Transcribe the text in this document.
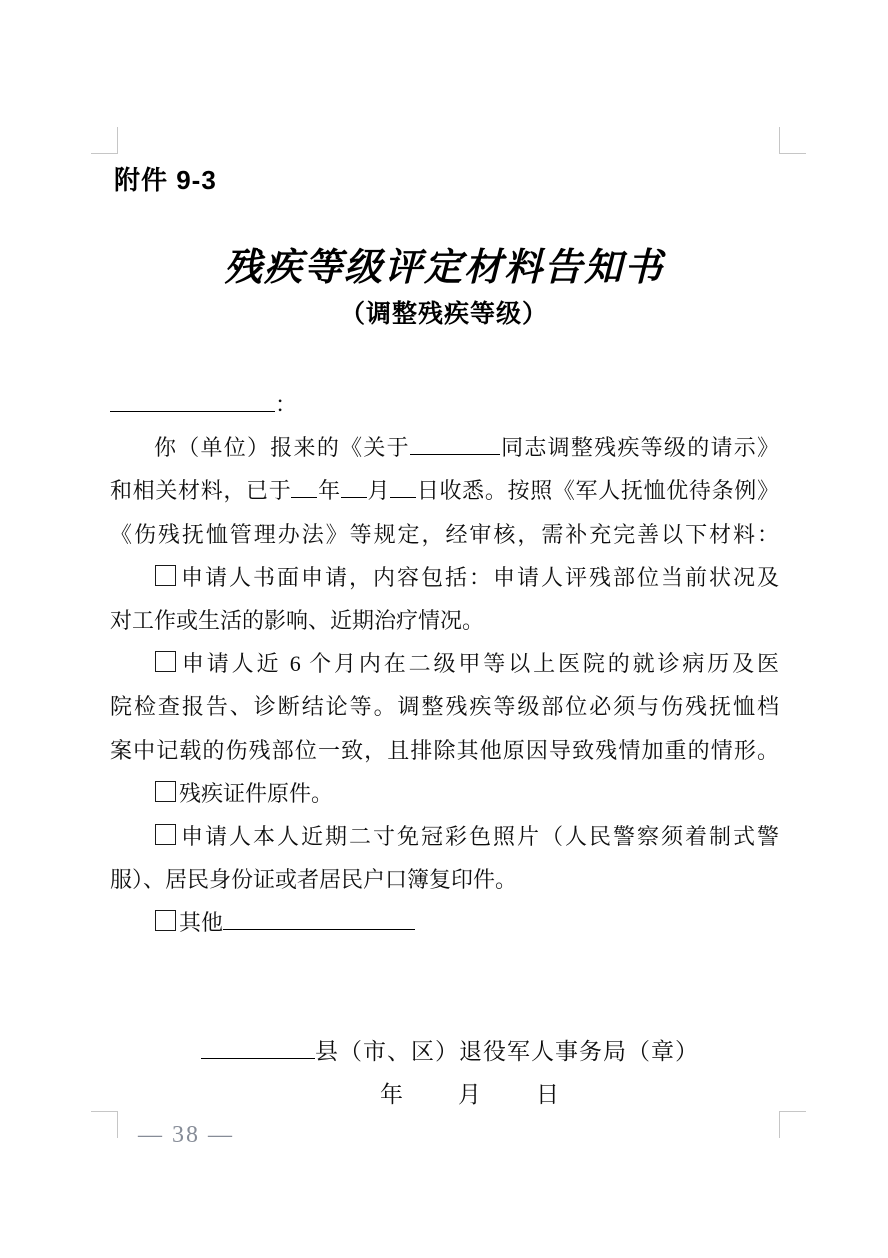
附件 9-3
残疾等级评定材料告知书
（调整残疾等级）
：
你（单位）报来的《关于	同志调整残疾等级的请示》
和相关材料，已于 年 月 日收悉。按照《军人抚恤优待条例》
《伤残抚恤管理办法》等规定，经审核，需补充完善以下材料：
申请人书面申请，内容包括：申请人评残部位当前状况及
对工作或生活的影响、近期治疗情况。
申请人近 6 个月内在二级甲等以上医院的就诊病历及医
院检查报告、诊断结论等。调整残疾等级部位必须与伤残抚恤档
案中记载的伤残部位一致，且排除其他原因导致残情加重的情形。
残疾证件原件。
申请人本人近期二寸免冠彩色照片（人民警察须着制式警
服）、居民身份证或者居民户口簿复印件。
其他
县（市、区）退役军人事务局（章）
年 月 日
— 38 —
